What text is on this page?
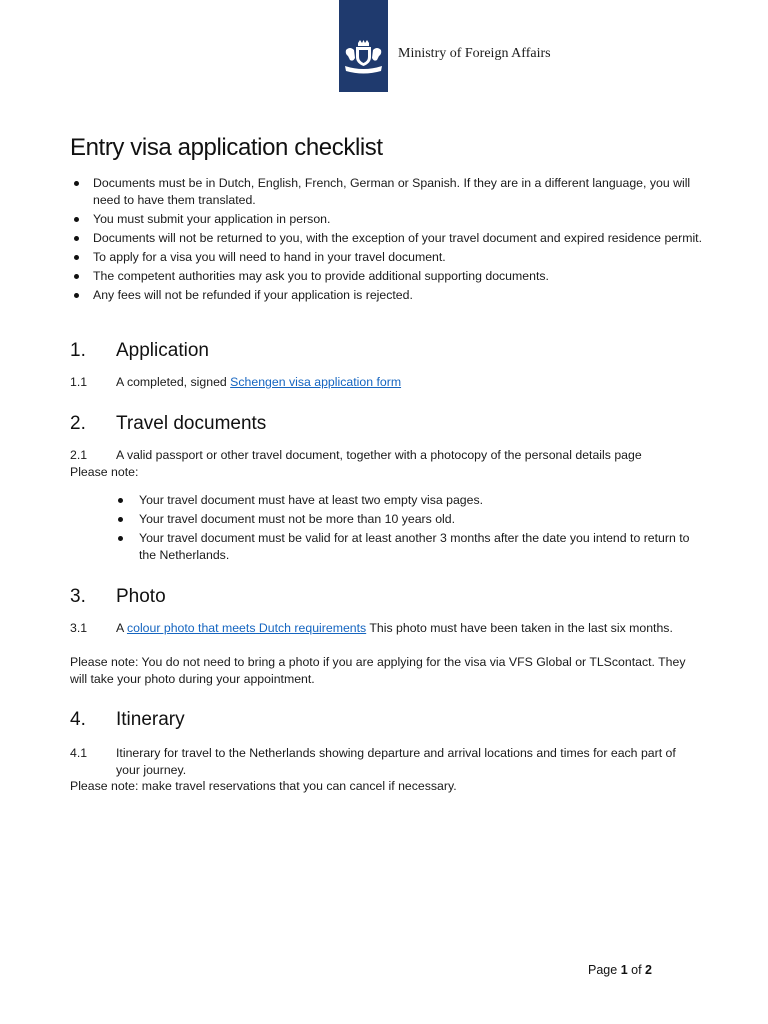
Ministry of Foreign Affairs
Entry visa application checklist
Documents must be in Dutch, English, French, German or Spanish. If they are in a different language, you will need to have them translated.
You must submit your application in person.
Documents will not be returned to you, with the exception of your travel document and expired residence permit.
To apply for a visa you will need to hand in your travel document.
The competent authorities may ask you to provide additional supporting documents.
Any fees will not be refunded if your application is rejected.
1. Application
1.1	A completed, signed Schengen visa application form
2. Travel documents
2.1	A valid passport or other travel document, together with a photocopy of the personal details page
Please note:
Your travel document must have at least two empty visa pages.
Your travel document must not be more than 10 years old.
Your travel document must be valid for at least another 3 months after the date you intend to return to the Netherlands.
3. Photo
3.1	A colour photo that meets Dutch requirements This photo must have been taken in the last six months.
Please note: You do not need to bring a photo if you are applying for the visa via VFS Global or TLScontact. They will take your photo during your appointment.
4. Itinerary
4.1	Itinerary for travel to the Netherlands showing departure and arrival locations and times for each part of your journey.
Please note: make travel reservations that you can cancel if necessary.
Page 1 of 2
